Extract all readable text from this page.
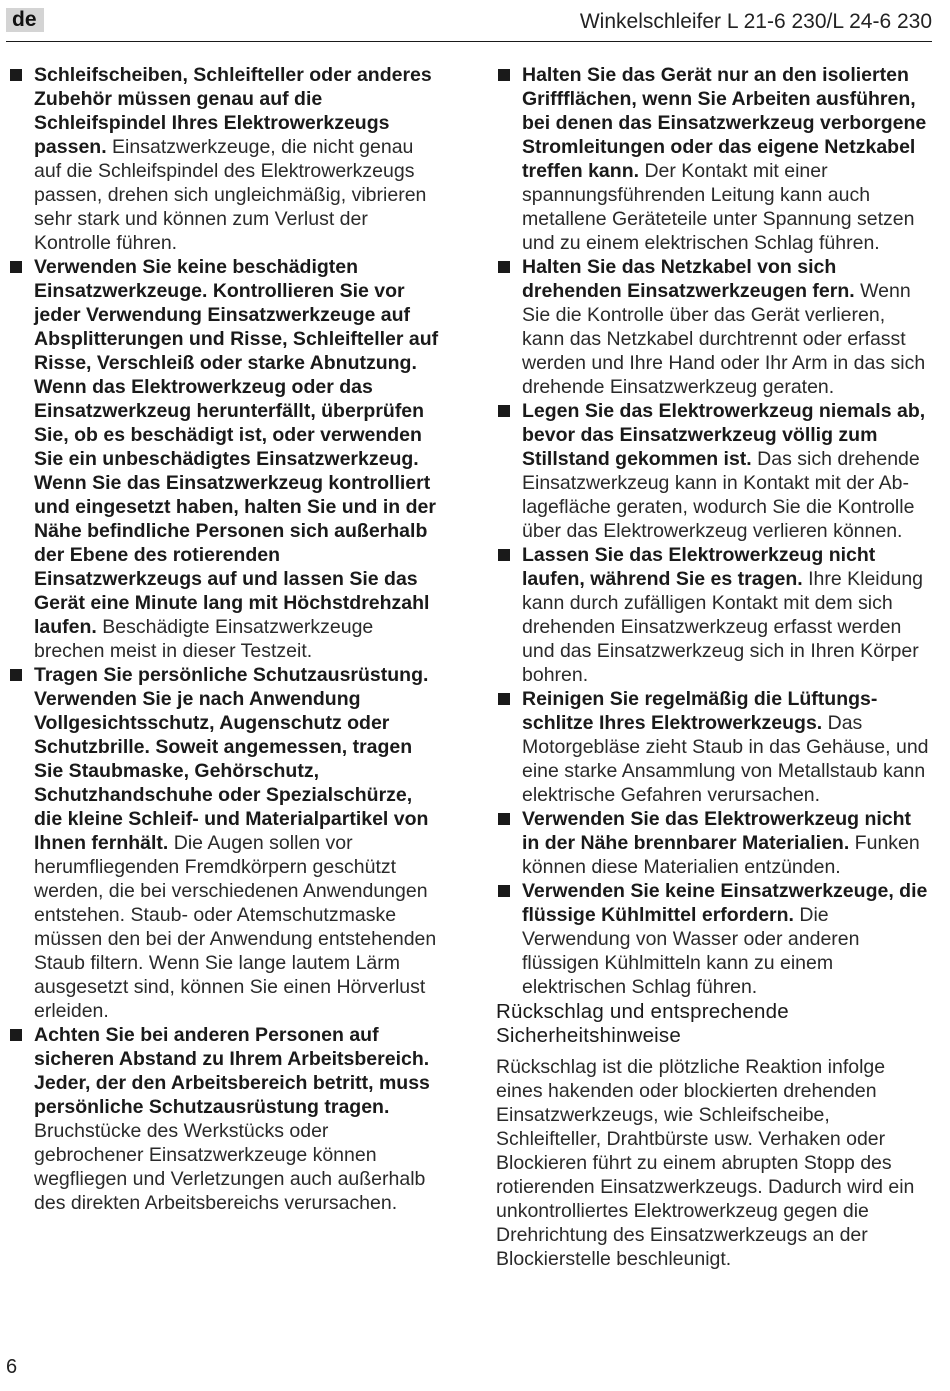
de	Winkelschleifer L 21-6 230/L 24-6 230
Schleifscheiben, Schleifteller oder anderes Zubehör müssen genau auf die Schleifspindel Ihres Elektrowerkzeugs passen. Einsatzwerkzeuge, die nicht genau auf die Schleifspindel des Elektrowerkzeugs passen, drehen sich ungleichmäßig, vibrieren sehr stark und können zum Verlust der Kontrolle führen.
Verwenden Sie keine beschädigten Einsatzwerkzeuge. Kontrollieren Sie vor jeder Verwendung Einsatzwerkzeuge auf Absplitterungen und Risse, Schleifteller auf Risse, Verschleiß oder starke Abnutzung. Wenn das Elektrowerkzeug oder das Einsatzwerkzeug herunterfällt, überprüfen Sie, ob es beschädigt ist, oder verwenden Sie ein unbeschädigtes Einsatzwerkzeug. Wenn Sie das Einsatzwerkzeug kontrolliert und eingesetzt haben, halten Sie und in der Nähe befindliche Personen sich außerhalb der Ebene des rotierenden Einsatzwerkzeugs auf und lassen Sie das Gerät eine Minute lang mit Höchstdrehzahl laufen. Beschädigte Einsatzwerkzeuge brechen meist in dieser Testzeit.
Tragen Sie persönliche Schutzausrüstung. Verwenden Sie je nach Anwendung Vollgesichtsschutz, Augenschutz oder Schutzbrille. Soweit angemessen, tragen Sie Staubmaske, Gehörschutz, Schutzhandschuhe oder Spezialschürze, die kleine Schleif- und Materialpartikel von Ihnen fernhält. Die Augen sollen vor herumfliegenden Fremdkörpern geschützt werden, die bei verschiedenen Anwendungen entstehen. Staub- oder Atemschutzmaske müssen den bei der Anwendung entstehenden Staub filtern. Wenn Sie lange lautem Lärm ausgesetzt sind, können Sie einen Hörverlust erleiden.
Achten Sie bei anderen Personen auf sicheren Abstand zu Ihrem Arbeitsbereich. Jeder, der den Arbeitsbereich betritt, muss persönliche Schutzausrüstung tragen. Bruchstücke des Werkstücks oder gebrochener Einsatzwerkzeuge können wegfliegen und Verletzungen auch außerhalb des direkten Arbeitsbereichs verursachen.
Halten Sie das Gerät nur an den isolierten Griffflächen, wenn Sie Arbeiten ausführen, bei denen das Einsatzwerkzeug verborgene Stromleitungen oder das eigene Netzkabel treffen kann. Der Kontakt mit einer spannungsführenden Leitung kann auch metallene Geräteteile unter Spannung setzen und zu einem elektrischen Schlag führen.
Halten Sie das Netzkabel von sich drehenden Einsatzwerkzeugen fern. Wenn Sie die Kontrolle über das Gerät verlieren, kann das Netzkabel durchtrennt oder erfasst werden und Ihre Hand oder Ihr Arm in das sich drehende Einsatzwerkzeug geraten.
Legen Sie das Elektrowerkzeug niemals ab, bevor das Einsatzwerkzeug völlig zum Stillstand gekommen ist. Das sich drehende Einsatzwerkzeug kann in Kontakt mit der Ablagefläche geraten, wodurch Sie die Kontrolle über das Elektrowerkzeug verlieren können.
Lassen Sie das Elektrowerkzeug nicht laufen, während Sie es tragen. Ihre Kleidung kann durch zufälligen Kontakt mit dem sich drehenden Einsatzwerkzeug erfasst werden und das Einsatzwerkzeug sich in Ihren Körper bohren.
Reinigen Sie regelmäßig die Lüftungsschlitze Ihres Elektrowerkzeugs. Das Motorgebläse zieht Staub in das Gehäuse, und eine starke Ansammlung von Metallstaub kann elektrische Gefahren verursachen.
Verwenden Sie das Elektrowerkzeug nicht in der Nähe brennbarer Materialien. Funken können diese Materialien entzünden.
Verwenden Sie keine Einsatzwerkzeuge, die flüssige Kühlmittel erfordern. Die Verwendung von Wasser oder anderen flüssigen Kühlmitteln kann zu einem elektrischen Schlag führen.
Rückschlag und entsprechende Sicherheitshinweise

Rückschlag ist die plötzliche Reaktion infolge eines hakenden oder blockierten drehenden Einsatzwerkzeugs, wie Schleifscheibe, Schleifteller, Drahtbürste usw. Verhaken oder Blockieren führt zu einem abrupten Stopp des rotierenden Einsatzwerkzeugs. Dadurch wird ein unkontrolliertes Elektrowerkzeug gegen die Drehrichtung des Einsatzwerkzeugs an der Blockierstelle beschleunigt.

6
